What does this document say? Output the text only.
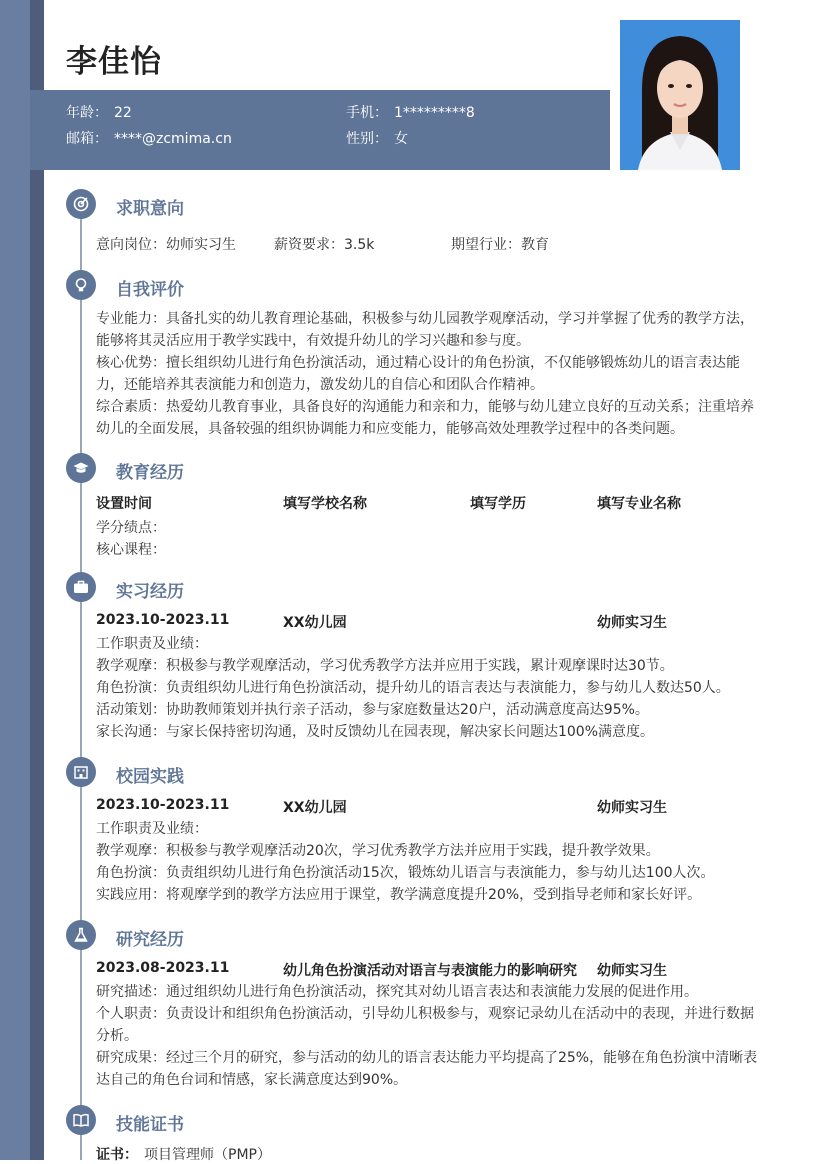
李佳怡
年龄： 22	手机： 1*********8
邮箱： ****@zcmima.cn	性别： 女
求职意向
意向岗位：幼师实习生	薪资要求：3.5k	期望行业：教育
自我评价
专业能力：具备扎实的幼儿教育理论基础，积极参与幼儿园教学观摩活动，学习并掌握了优秀的教学方法，
能够将其灵活应用于教学实践中，有效提升幼儿的学习兴趣和参与度。
核心优势：擅长组织幼儿进行角色扮演活动，通过精心设计的角色扮演，不仅能够锻炼幼儿的语言表达能
力，还能培养其表演能力和创造力，激发幼儿的自信心和团队合作精神。
综合素质：热爱幼儿教育事业，具备良好的沟通能力和亲和力，能够与幼儿建立良好的互动关系；注重培养
幼儿的全面发展，具备较强的组织协调能力和应变能力，能够高效处理教学过程中的各类问题。
教育经历
设置时间	填写学校名称	填写学历	填写专业名称
学分绩点：
核心课程：
实习经历
2023.10-2023.11	XX幼儿园	幼师实习生
工作职责及业绩：
教学观摩：积极参与教学观摩活动，学习优秀教学方法并应用于实践，累计观摩课时达30节。
角色扮演：负责组织幼儿进行角色扮演活动，提升幼儿的语言表达与表演能力，参与幼儿人数达50人。
活动策划：协助教师策划并执行亲子活动，参与家庭数量达20户，活动满意度高达95%。
家长沟通：与家长保持密切沟通，及时反馈幼儿在园表现，解决家长问题达100%满意度。
校园实践
2023.10-2023.11	XX幼儿园	幼师实习生
工作职责及业绩：
教学观摩：积极参与教学观摩活动20次，学习优秀教学方法并应用于实践，提升教学效果。
角色扮演：负责组织幼儿进行角色扮演活动15次，锻炼幼儿语言与表演能力，参与幼儿达100人次。
实践应用：将观摩学到的教学方法应用于课堂，教学满意度提升20%，受到指导老师和家长好评。
研究经历
2023.08-2023.11	幼儿角色扮演活动对语言与表演能力的影响研究 幼师实习生
研究描述：通过组织幼儿进行角色扮演活动，探究其对幼儿语言表达和表演能力发展的促进作用。
个人职责：负责设计和组织角色扮演活动，引导幼儿积极参与，观察记录幼儿在活动中的表现，并进行数据
分析。
研究成果：经过三个月的研究，参与活动的幼儿的语言表达能力平均提高了25%，能够在角色扮演中清晰表
达自己的角色台词和情感，家长满意度达到90%。
技能证书
证书： 项目管理师（PMP）
